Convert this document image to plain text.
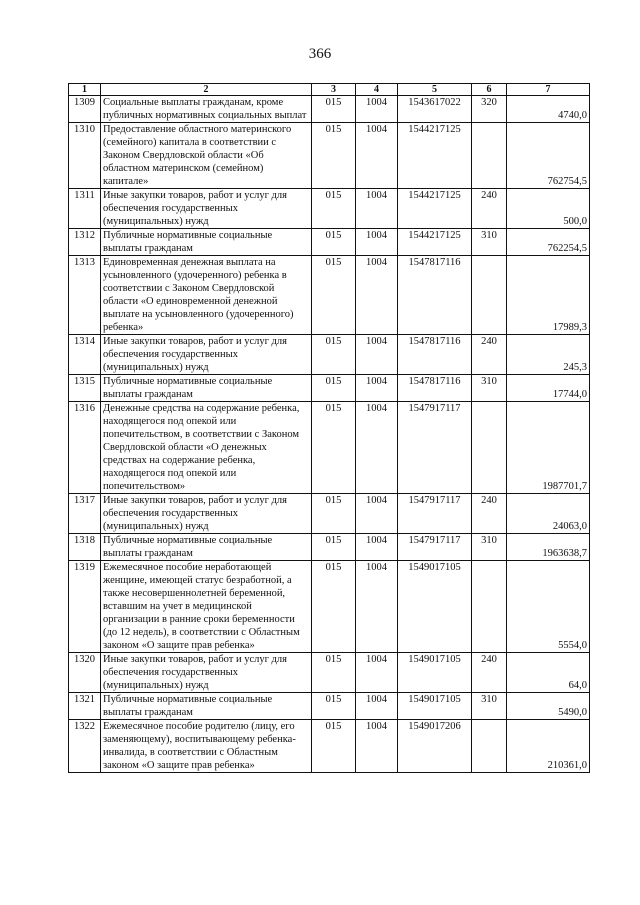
366
1	2	3	4	5	6	7
1309	Социальные выплаты гражданам, кроме публичных нормативных социальных выплат	015	1004	1543617022	320	4740,0
1310	Предоставление областного материнского (семейного) капитала в соответствии с Законом Свердловской области «Об областном материнском (семейном) капитале»	015	1004	1544217125		762754,5
1311	Иные закупки товаров, работ и услуг для обеспечения государственных (муниципальных) нужд	015	1004	1544217125	240	500,0
1312	Публичные нормативные социальные выплаты гражданам	015	1004	1544217125	310	762254,5
1313	Единовременная денежная выплата на усыновленного (удочеренного) ребенка в соответствии с Законом Свердловской области «О единовременной денежной выплате на усыновленного (удочеренного) ребенка»	015	1004	1547817116		17989,3
1314	Иные закупки товаров, работ и услуг для обеспечения государственных (муниципальных) нужд	015	1004	1547817116	240	245,3
1315	Публичные нормативные социальные выплаты гражданам	015	1004	1547817116	310	17744,0
1316	Денежные средства на содержание ребенка, находящегося под опекой или попечительством, в соответствии с Законом Свердловской области «О денежных средствах на содержание ребенка, находящегося под опекой или попечительством»	015	1004	1547917117		1987701,7
1317	Иные закупки товаров, работ и услуг для обеспечения государственных (муниципальных) нужд	015	1004	1547917117	240	24063,0
1318	Публичные нормативные социальные выплаты гражданам	015	1004	1547917117	310	1963638,7
1319	Ежемесячное пособие неработающей женщине, имеющей статус безработной, а также несовершеннолетней беременной, вставшим на учет в медицинской организации в ранние сроки беременности (до 12 недель), в соответствии с Областным законом «О защите прав ребенка»	015	1004	1549017105		5554,0
1320	Иные закупки товаров, работ и услуг для обеспечения государственных (муниципальных) нужд	015	1004	1549017105	240	64,0
1321	Публичные нормативные социальные выплаты гражданам	015	1004	1549017105	310	5490,0
1322	Ежемесячное пособие родителю (лицу, его заменяющему), воспитывающему ребенка-инвалида, в соответствии с Областным законом «О защите прав ребенка»	015	1004	1549017206		210361,0
